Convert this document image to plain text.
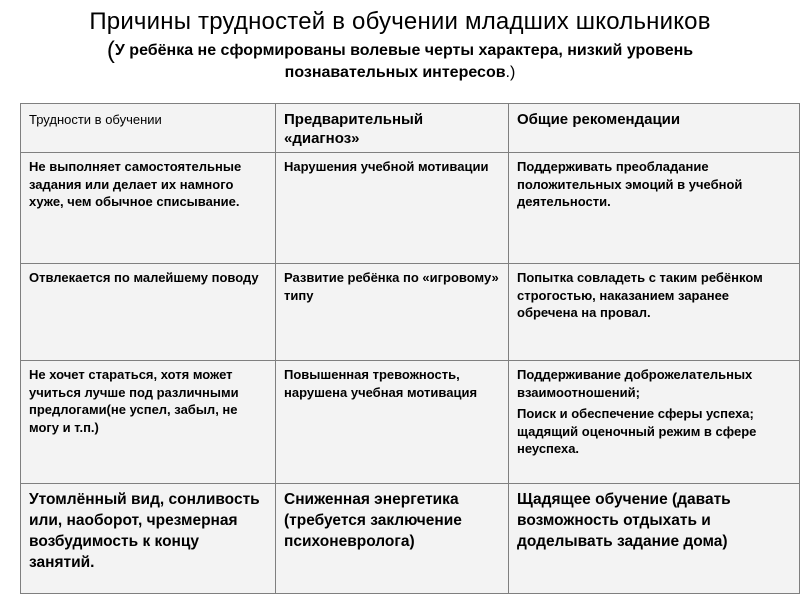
Причины трудностей в обучении младших школьников
(У ребёнка не сформированы волевые черты характера, низкий уровень познавательных интересов.)
Трудности в обучении	Предварительный «диагноз»	Общие рекомендации
Не выполняет самостоятельные задания или делает их намного хуже, чем обычное списывание.	Нарушения учебной мотивации	Поддерживать преобладание положительных эмоций в учебной деятельности.

Отвлекается по малейшему поводу	Развитие ребёнка по «игровому» типу	Попытка совладеть с таким ребёнком строгостью, наказанием заранее обречена на провал.

Не хочет стараться, хотя может учиться лучше под различными предлогами(не успел, забыл, не могу и т.п.)	Повышенная тревожность, нарушена учебная мотивация	Поддерживание доброжелательных взаимоотношений;
Поиск и обеспечение сферы успеха; щадящий оценочный режим в сфере неуспеха.

Утомлённый вид, сонливость или, наоборот, чрезмерная возбудимость к концу занятий.	Сниженная энергетика (требуется заключение психоневролога)	Щадящее обучение (давать возможность отдыхать и доделывать задание дома)
